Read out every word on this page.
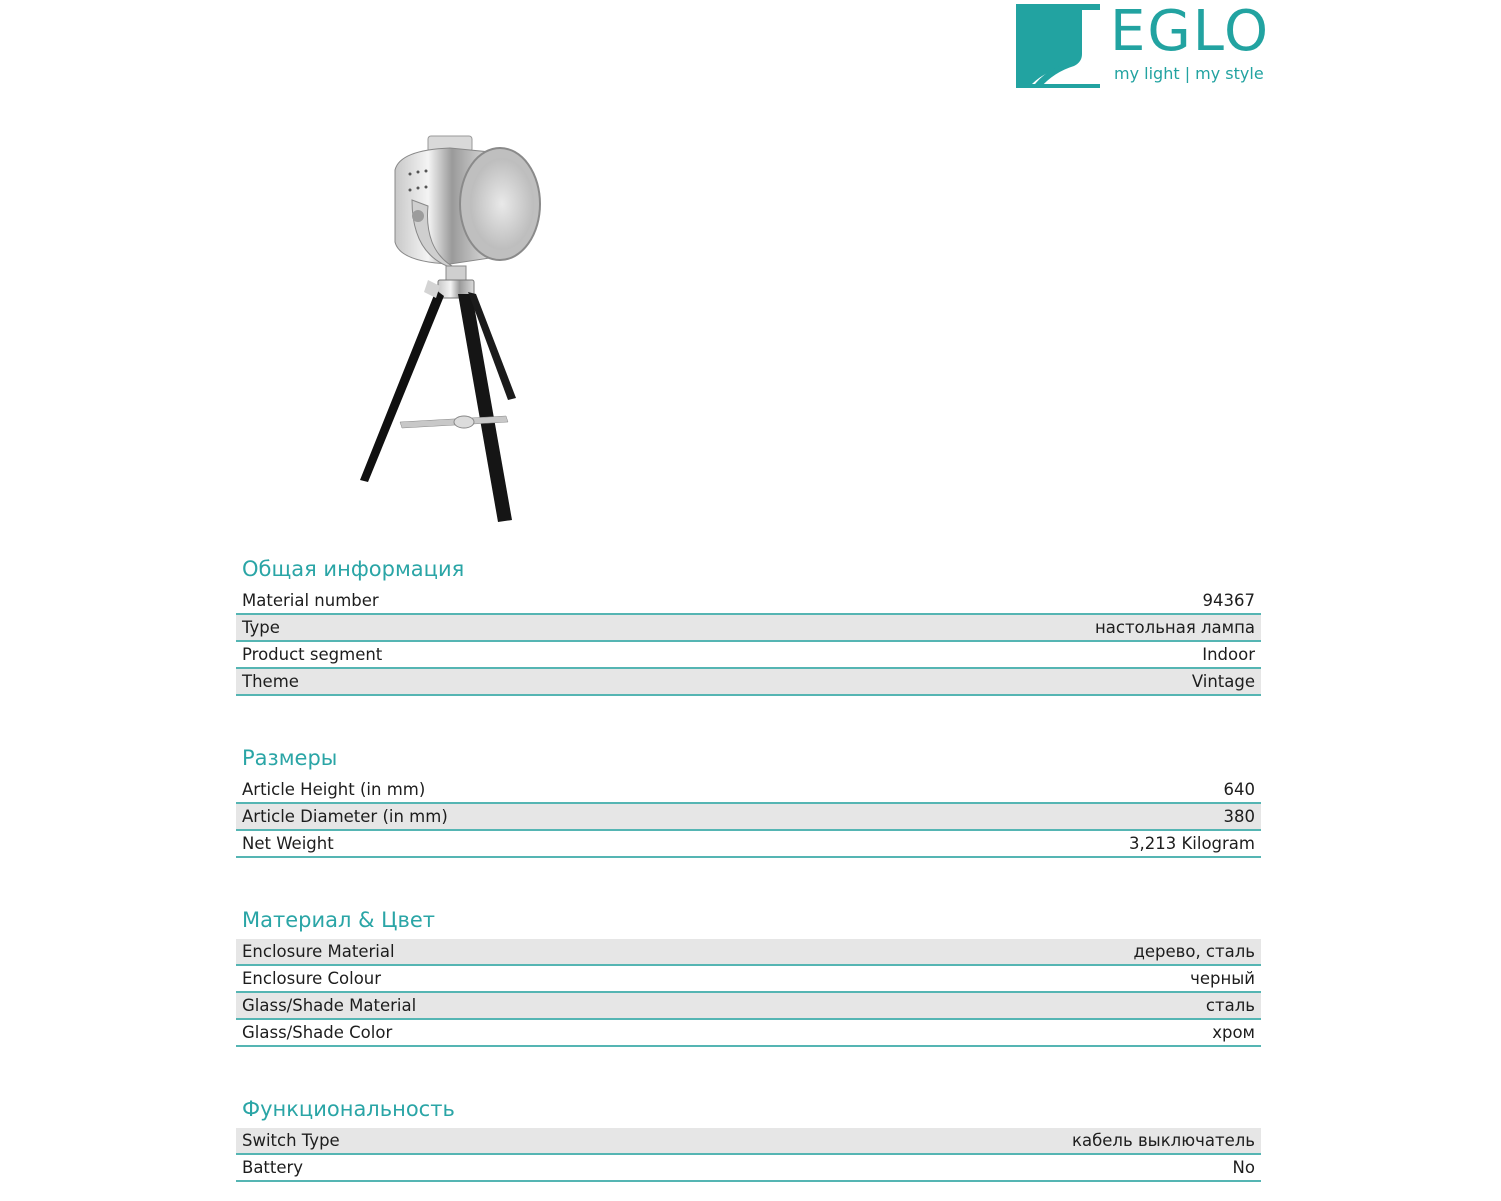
EGLO
my light | my style
Общая информация
Material number	94367
Type	настольная лампа
Product segment	Indoor
Theme	Vintage
Размеры
Article Height (in mm)	640
Article Diameter (in mm)	380
Net Weight	3,213 Kilogram
Материал & Цвет
Enclosure Material	дерево, сталь
Enclosure Colour	черный
Glass/Shade Material	сталь
Glass/Shade Color	хром
Функциональность
Switch Type	кабель выключатель
Battery	No
